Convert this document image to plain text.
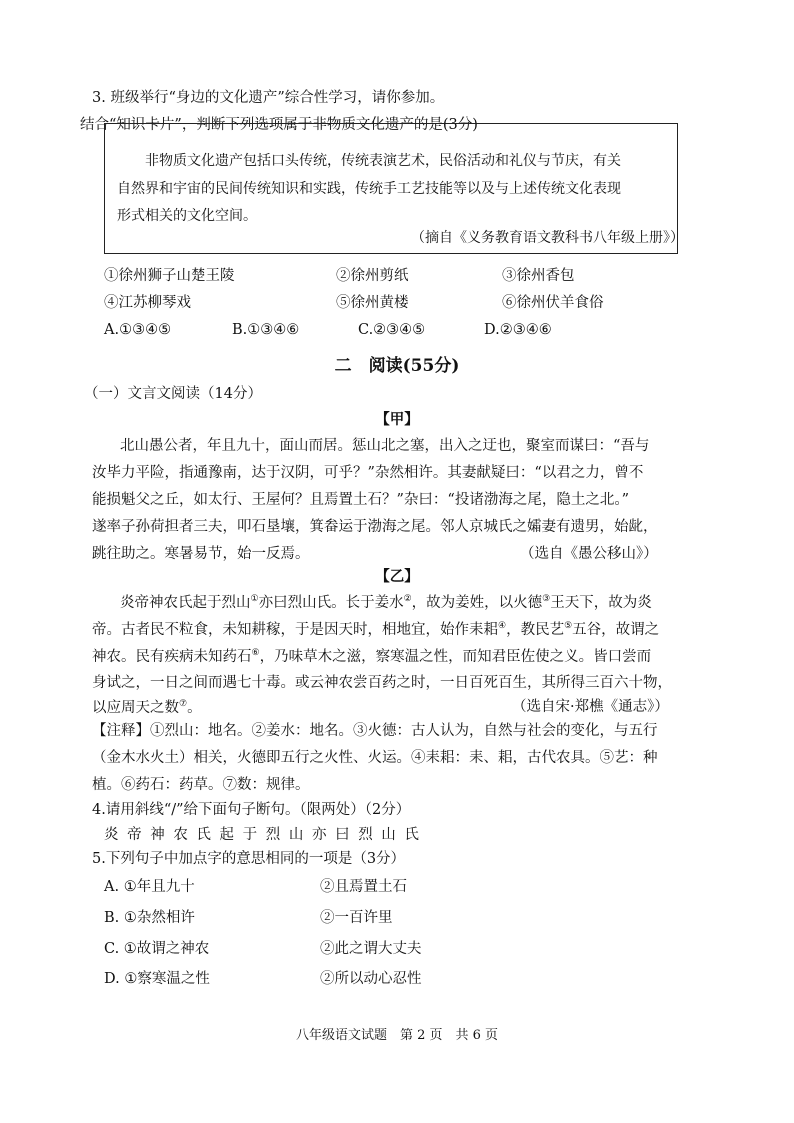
3. 班级举行“身边的文化遗产”综合性学习，请你参加。
结合“知识卡片”，判断下列选项属于非物质文化遗产的是(3分)
非物质文化遗产包括口头传统，传统表演艺术，民俗活动和礼仪与节庆，有关
自然界和宇宙的民间传统知识和实践，传统手工艺技能等以及与上述传统文化表现
形式相关的文化空间。
（摘自《义务教育语文教科书八年级上册》）
①徐州狮子山楚王陵	②徐州剪纸	③徐州香包
④江苏柳琴戏	⑤徐州黄楼	⑥徐州伏羊食俗
A.①③④⑤	B.①③④⑥	C.②③④⑤	D.②③④⑥
二　阅读(55分)
（一）文言文阅读（14分）
【甲】
北山愚公者，年且九十，面山而居。惩山北之塞，出入之迂也，聚室而谋曰：“吾与
汝毕力平险，指通豫南，达于汉阴，可乎？”杂然相许。其妻献疑曰：“以君之力，曾不
能损魁父之丘，如太行、王屋何？且焉置土石？”杂曰：“投诸渤海之尾，隐土之北。”
遂率子孙荷担者三夫，叩石垦壤，箕畚运于渤海之尾。邻人京城氏之孀妻有遗男，始龀，
跳往助之。寒暑易节，始一反焉。	（选自《愚公移山》）
【乙】
炎帝神农氏起于烈山①亦曰烈山氏。长于姜水②，故为姜姓，以火德③王天下，故为炎
帝。古者民不粒食，未知耕稼，于是因天时，相地宜，始作耒耜④，教民艺⑤五谷，故谓之
神农。民有疾病未知药石⑥，乃味草木之滋，察寒温之性，而知君臣佐使之义。皆口尝而
身试之，一日之间而遇七十毒。或云神农尝百药之时，一日百死百生，其所得三百六十物，
以应周天之数⑦。	（选自宋·郑樵《通志》）
【注释】①烈山：地名。②姜水：地名。③火德：古人认为，自然与社会的变化，与五行
（金木水火土）相关，火德即五行之火性、火运。④耒耜：耒、耜，古代农具。⑤艺：种
植。⑥药石：药草。⑦数：规律。
4.请用斜线“/”给下面句子断句。（限两处）（2分）
炎 帝 神 农 氏 起 于 烈 山 亦 曰 烈 山 氏
5.下列句子中加点字的意思相同的一项是（3分）
A. ①年且九十	②且焉置土石
B. ①杂然相许	②一百许里
C. ①故谓之神农	②此之谓大丈夫
D. ①察寒温之性	②所以动心忍性
八年级语文试题　第 2 页　共 6 页
